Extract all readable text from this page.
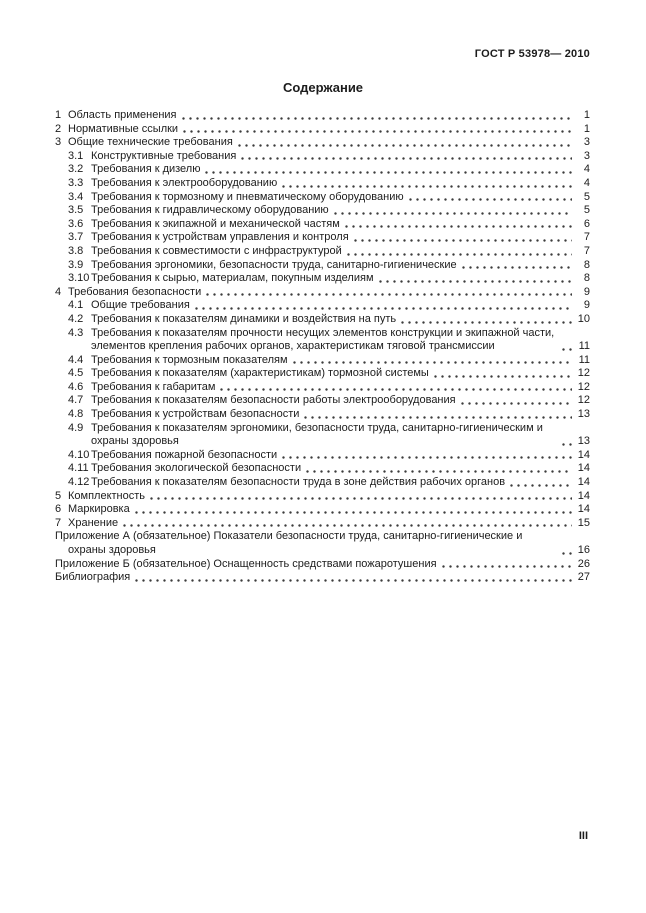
ГОСТ Р 53978— 2010
Содержание
1 Область применения	1
2 Нормативные ссылки	1
3 Общие технические требования	3
3.1 Конструктивные требования	3
3.2 Требования к дизелю	4
3.3 Требования к электрооборудованию	4
3.4 Требования к тормозному и пневматическому оборудованию	5
3.5 Требования к гидравлическому оборудованию	5
3.6 Требования к экипажной и механической частям	6
3.7 Требования к устройствам управления и контроля	7
3.8 Требования к совместимости с инфраструктурой	7
3.9 Требования эргономики, безопасности труда, санитарно-гигиенические	8
3.10 Требования к сырью, материалам, покупным изделиям	8
4 Требования безопасности	9
4.1 Общие требования	9
4.2 Требования к показателям динамики и воздействия на путь	10
4.3 Требования к показателям прочности несущих элементов конструкции и экипажной части, элементов крепления рабочих органов, характеристикам тяговой трансмиссии	11
4.4 Требования к тормозным показателям	11
4.5 Требования к показателям (характеристикам) тормозной системы	12
4.6 Требования к габаритам	12
4.7 Требования к показателям безопасности работы электрооборудования	12
4.8 Требования к устройствам безопасности	13
4.9 Требования к показателям эргономики, безопасности труда, санитарно-гигиеническим и охраны здоровья	13
4.10 Требования пожарной безопасности	14
4.11 Требования экологической безопасности	14
4.12 Требования к показателям безопасности труда в зоне действия рабочих органов	14
5 Комплектность	14
6 Маркировка	14
7 Хранение	15
Приложение А (обязательное) Показатели безопасности труда, санитарно-гигиенические и охраны здоровья	16
Приложение Б (обязательное) Оснащенность средствами пожаротушения	26
Библиография	27
III
